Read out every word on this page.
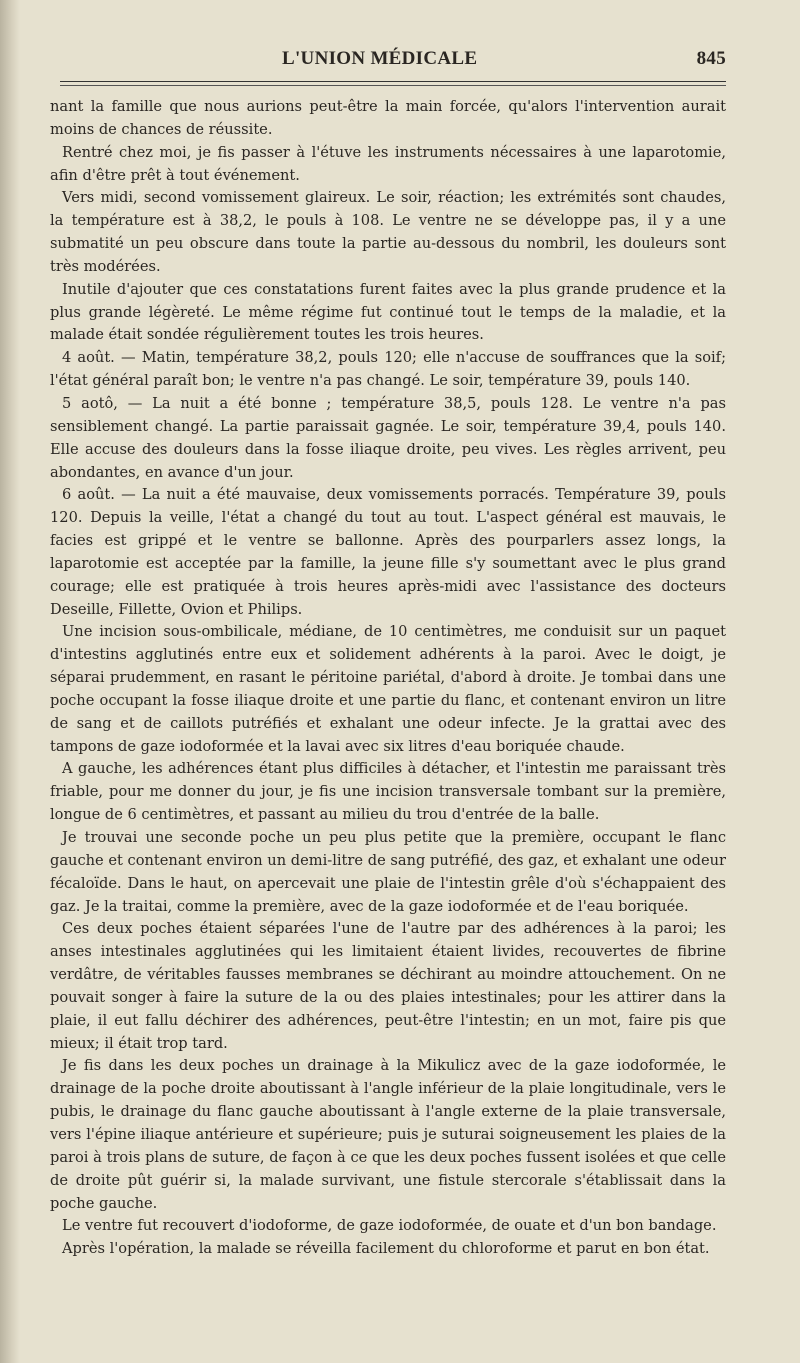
L'UNION MÉDICALE	845

nant la famille que nous aurions peut-être la main forcée, qu'alors l'intervention aurait moins de chances de réussite.

Rentré chez moi, je fis passer à l'étuve les instruments nécessaires à une laparotomie, afin d'être prêt à tout événement.

Vers midi, second vomissement glaireux. Le soir, réaction; les extrémités sont chaudes, la température est à 38,2, le pouls à 108. Le ventre ne se développe pas, il y a une submatité un peu obscure dans toute la partie au-dessous du nombril, les douleurs sont très modérées.

Inutile d'ajouter que ces constatations furent faites avec la plus grande prudence et la plus grande légèreté. Le même régime fut continué tout le temps de la maladie, et la malade était sondée régulièrement toutes les trois heures.

4 août. — Matin, température 38,2, pouls 120; elle n'accuse de souffrances que la soif; l'état général paraît bon; le ventre n'a pas changé. Le soir, température 39, pouls 140.

5 aotô, — La nuit a été bonne ; température 38,5, pouls 128. Le ventre n'a pas sensiblement changé. La partie paraissait gagnée. Le soir, température 39,4, pouls 140. Elle accuse des douleurs dans la fosse iliaque droite, peu vives. Les règles arrivent, peu abondantes, en avance d'un jour.

6 août. — La nuit a été mauvaise, deux vomissements porracés. Température 39, pouls 120. Depuis la veille, l'état a changé du tout au tout. L'aspect général est mauvais, le facies est grippé et le ventre se ballonne. Après des pourparlers assez longs, la laparotomie est acceptée par la famille, la jeune fille s'y soumettant avec le plus grand courage; elle est pratiquée à trois heures après-midi avec l'assistance des docteurs Deseille, Fillette, Ovion et Philips.

Une incision sous-ombilicale, médiane, de 10 centimètres, me conduisit sur un paquet d'intestins agglutinés entre eux et solidement adhérents à la paroi. Avec le doigt, je séparai prudemment, en rasant le péritoine pariétal, d'abord à droite. Je tombai dans une poche occupant la fosse iliaque droite et une partie du flanc, et contenant environ un litre de sang et de caillots putréfiés et exhalant une odeur infecte. Je la grattai avec des tampons de gaze iodoformée et la lavai avec six litres d'eau boriquée chaude.

A gauche, les adhérences étant plus difficiles à détacher, et l'intestin me paraissant très friable, pour me donner du jour, je fis une incision transversale tombant sur la première, longue de 6 centimètres, et passant au milieu du trou d'entrée de la balle.

Je trouvai une seconde poche un peu plus petite que la première, occupant le flanc gauche et contenant environ un demi-litre de sang putréfié, des gaz, et exhalant une odeur fécaloïde. Dans le haut, on apercevait une plaie de l'intestin grêle d'où s'échappaient des gaz. Je la traitai, comme la première, avec de la gaze iodoformée et de l'eau boriquée.

Ces deux poches étaient séparées l'une de l'autre par des adhérences à la paroi; les anses intestinales agglutinées qui les limitaient étaient livides, recouvertes de fibrine verdâtre, de véritables fausses membranes se déchirant au moindre attouchement. On ne pouvait songer à faire la suture de la ou des plaies intestinales; pour les attirer dans la plaie, il eut fallu déchirer des adhérences, peut-être l'intestin; en un mot, faire pis que mieux; il était trop tard.

Je fis dans les deux poches un drainage à la Mikulicz avec de la gaze iodoformée, le drainage de la poche droite aboutissant à l'angle inférieur de la plaie longitudinale, vers le pubis, le drainage du flanc gauche aboutissant à l'angle externe de la plaie transversale, vers l'épine iliaque antérieure et supérieure; puis je suturai soigneusement les plaies de la paroi à trois plans de suture, de façon à ce que les deux poches fussent isolées et que celle de droite pût guérir si, la malade survivant, une fistule stercorale s'établissait dans la poche gauche.

Le ventre fut recouvert d'iodoforme, de gaze iodoformée, de ouate et d'un bon bandage.

Après l'opération, la malade se réveilla facilement du chloroforme et parut en bon état.
